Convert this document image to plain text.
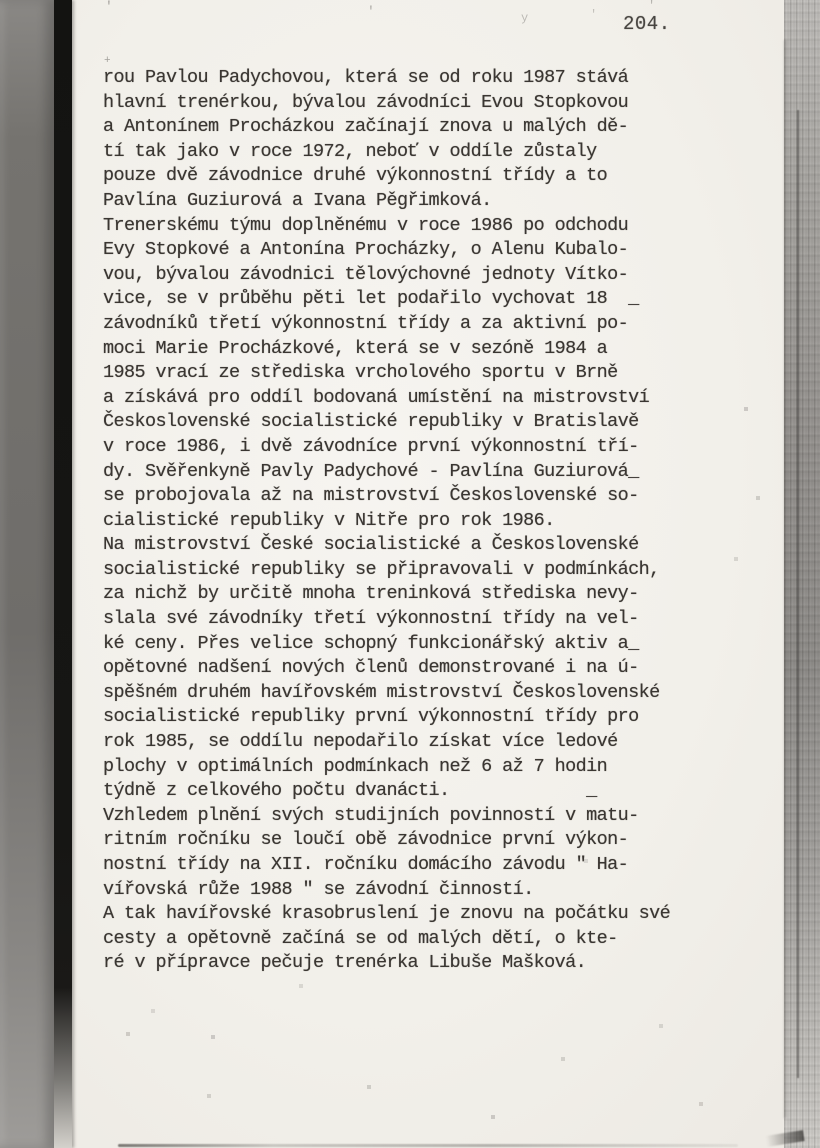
204.
rou Pavlou Padychovou, která se od roku 1987 stává
hlavní trenérkou, bývalou závodníci Evou Stopkovou
a Antonínem Procházkou začínají znova u malých dě-
tí tak jako v roce 1972, neboť v oddíle zůstaly
pouze dvě závodnice druhé výkonnostní třídy a to
Pavlína Guziurová a Ivana Pěgřimková.
Trenerskému týmu doplněnému v roce 1986 po odchodu
Evy Stopkové a Antonína Procházky, o Alenu Kubalo-
vou, bývalou závodnici tělovýchovné jednoty Vítko-
vice, se v průběhu pěti let podařilo vychovat 18  _
závodníků třetí výkonnostní třídy a za aktivní po-
moci Marie Procházkové, která se v sezóně 1984 a
1985 vrací ze střediska vrcholového sportu v Brně
a získává pro oddíl bodovaná umístění na mistrovství
Československé socialistické republiky v Bratislavě
v roce 1986, i dvě závodníce první výkonnostní tří-
dy. Svěřenkyně Pavly Padychové - Pavlína Guziurová_
se probojovala až na mistrovství Československé so-
cialistické republiky v Nitře pro rok 1986.
Na mistrovství České socialistické a Československé
socialistické republiky se připravovali v podmínkách,
za nichž by určitě mnoha treninková střediska nevy-
slala své závodníky třetí výkonnostní třídy na vel-
ké ceny. Přes velice schopný funkcionářský aktiv a_
opětovné nadšení nových členů demonstrované i na ú-
spěšném druhém havířovském mistrovství Československé
socialistické republiky první výkonnostní třídy pro
rok 1985, se oddílu nepodařilo získat více ledové
plochy v optimálních podmínkach než 6 až 7 hodin
týdně z celkového počtu dvanácti.             _
Vzhledem plnění svých studijních povinností v matu-
ritním ročníku se loučí obě závodnice první výkon-
nostní třídy na XII. ročníku domácího závodu " Ha-
vířovská růže 1988 " se závodní činností.
A tak havířovské krasobruslení je znovu na počátku své
cesty a opětovně začíná se od malých dětí, o kte-
ré v přípravce pečuje trenérka Libuše Mašková.
'	'	y	'
'
+
